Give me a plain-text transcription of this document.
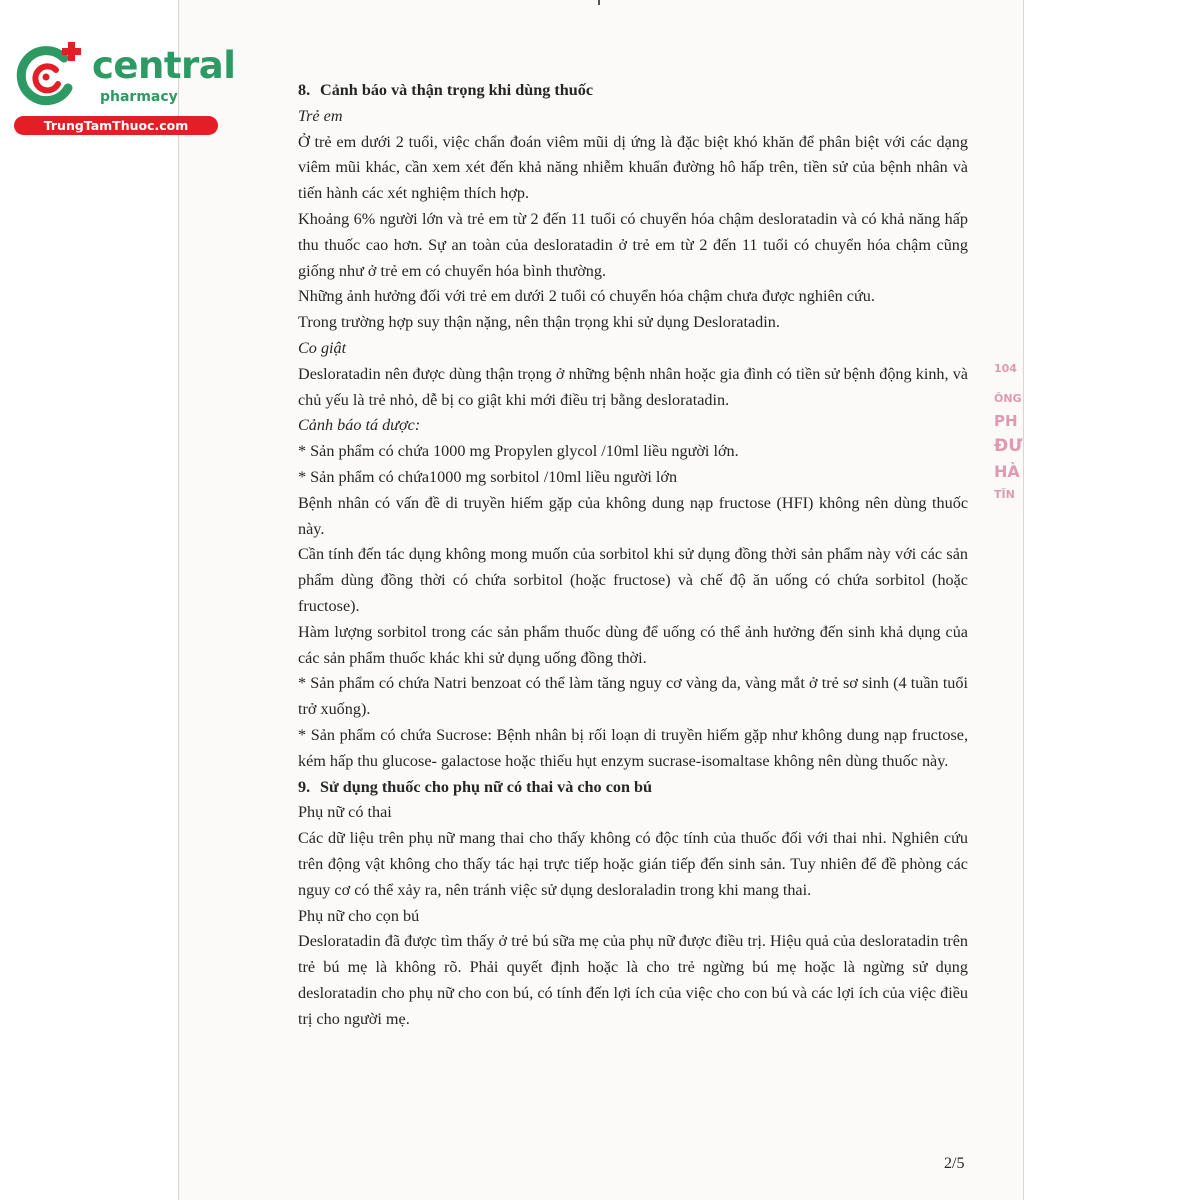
central
pharmacy
TrungTamThuoc.com
104
ÔNG
PH
ĐƯ
HÀ
TĨN

8. Cảnh báo và thận trọng khi dùng thuốc

Trẻ em

Ở trẻ em dưới 2 tuổi, việc chẩn đoán viêm mũi dị ứng là đặc biệt khó khăn để phân biệt với các dạng viêm mũi khác, cần xem xét đến khả năng nhiễm khuẩn đường hô hấp trên, tiền sử của bệnh nhân và tiến hành các xét nghiệm thích hợp.

Khoảng 6% người lớn và trẻ em từ 2 đến 11 tuổi có chuyển hóa chậm desloratadin và có khả năng hấp thu thuốc cao hơn. Sự an toàn của desloratadin ở trẻ em từ 2 đến 11 tuổi có chuyển hóa chậm cũng giống như ở trẻ em có chuyển hóa bình thường.

Những ảnh hưởng đối với trẻ em dưới 2 tuổi có chuyển hóa chậm chưa được nghiên cứu.

Trong trường hợp suy thận nặng, nên thận trọng khi sử dụng Desloratadin.

Co giật

Desloratadin nên được dùng thận trọng ở những bệnh nhân hoặc gia đình có tiền sử bệnh động kinh, và chủ yếu là trẻ nhỏ, dễ bị co giật khi mới điều trị bằng desloratadin.

Cảnh báo tá dược:

* Sản phẩm có chứa 1000 mg Propylen glycol /10ml liều người lớn.

* Sản phẩm có chứa1000 mg sorbitol /10ml liều người lớn

Bệnh nhân có vấn đề di truyền hiếm gặp của không dung nạp fructose (HFI) không nên dùng thuốc này.

Cần tính đến tác dụng không mong muốn của sorbitol khi sử dụng đồng thời sản phẩm này với các sản phẩm dùng đồng thời có chứa sorbitol (hoặc fructose) và chế độ ăn uống có chứa sorbitol (hoặc fructose).

Hàm lượng sorbitol trong các sản phẩm thuốc dùng để uống có thể ảnh hưởng đến sinh khả dụng của các sản phẩm thuốc khác khi sử dụng uống đồng thời.

* Sản phẩm có chứa Natri benzoat có thể làm tăng nguy cơ vàng da, vàng mắt ở trẻ sơ sinh (4 tuần tuổi trở xuống).

* Sản phẩm có chứa Sucrose: Bệnh nhân bị rối loạn di truyền hiếm gặp như không dung nạp fructose, kém hấp thu glucose- galactose hoặc thiếu hụt enzym sucrase-isomaltase không nên dùng thuốc này.

9. Sử dụng thuốc cho phụ nữ có thai và cho con bú

Phụ nữ có thai

Các dữ liệu trên phụ nữ mang thai cho thấy không có độc tính của thuốc đối với thai nhi. Nghiên cứu trên động vật không cho thấy tác hại trực tiếp hoặc gián tiếp đến sinh sản. Tuy nhiên để đề phòng các nguy cơ có thể xảy ra, nên tránh việc sử dụng desloraladin trong khi mang thai.

Phụ nữ cho cọn bú

Desloratadin đã được tìm thấy ở trẻ bú sữa mẹ của phụ nữ được điều trị. Hiệu quả của desloratadin trên trẻ bú mẹ là không rõ. Phải quyết định hoặc là cho trẻ ngừng bú mẹ hoặc là ngừng sử dụng desloratadin cho phụ nữ cho con bú, có tính đến lợi ích của việc cho con bú và các lợi ích của việc điều trị cho người mẹ.

2/5
